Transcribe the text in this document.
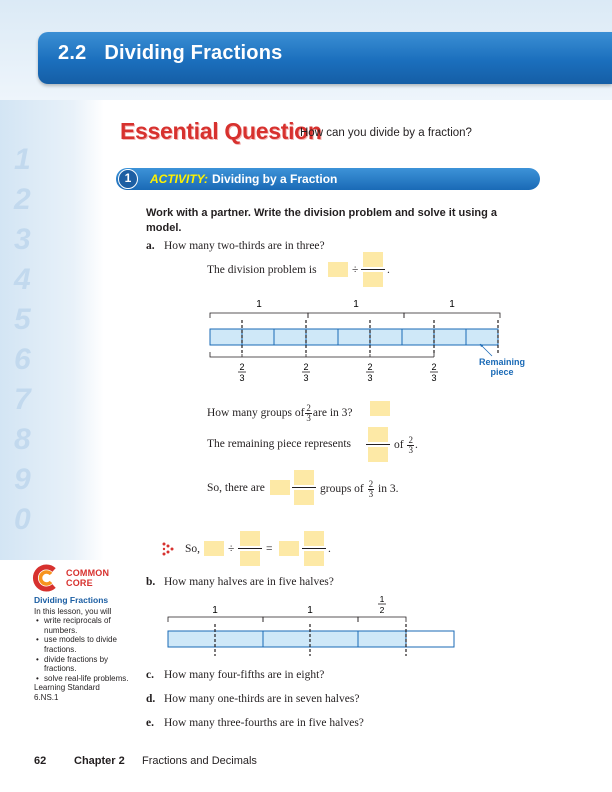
2.2 Dividing Fractions
1
2
3
4
5
6
7
8
9
0
Essential Question
How can you divide by a fraction?
1	ACTIVITY: Dividing by a Fraction
Work with a partner. Write the division problem and solve it using a model.
a. How many two-thirds are in three?
The division problem is	÷ .
1	1	1
2
3
2
3
2
3
2
3
Remaining
piece
How many groups of $\frac{2}{3}$ are in 3?
The remaining piece represents	of $\frac{2}{3}$ .
So, there are	groups of $\frac{2}{3}$ in 3.
So, ÷	=	.
b. How many halves are in five halves?
1	1
1
2
c. How many four-fifths are in eight?
d. How many one-thirds are in seven halves?
e. How many three-fourths are in five halves?
COMMON
CORE
Dividing Fractions
In this lesson, you will
• write reciprocals of numbers.
• use models to divide fractions.
• divide fractions by fractions.
• solve real-life problems.
Learning Standard
6.NS.1
62	Chapter 2 Fractions and Decimals
